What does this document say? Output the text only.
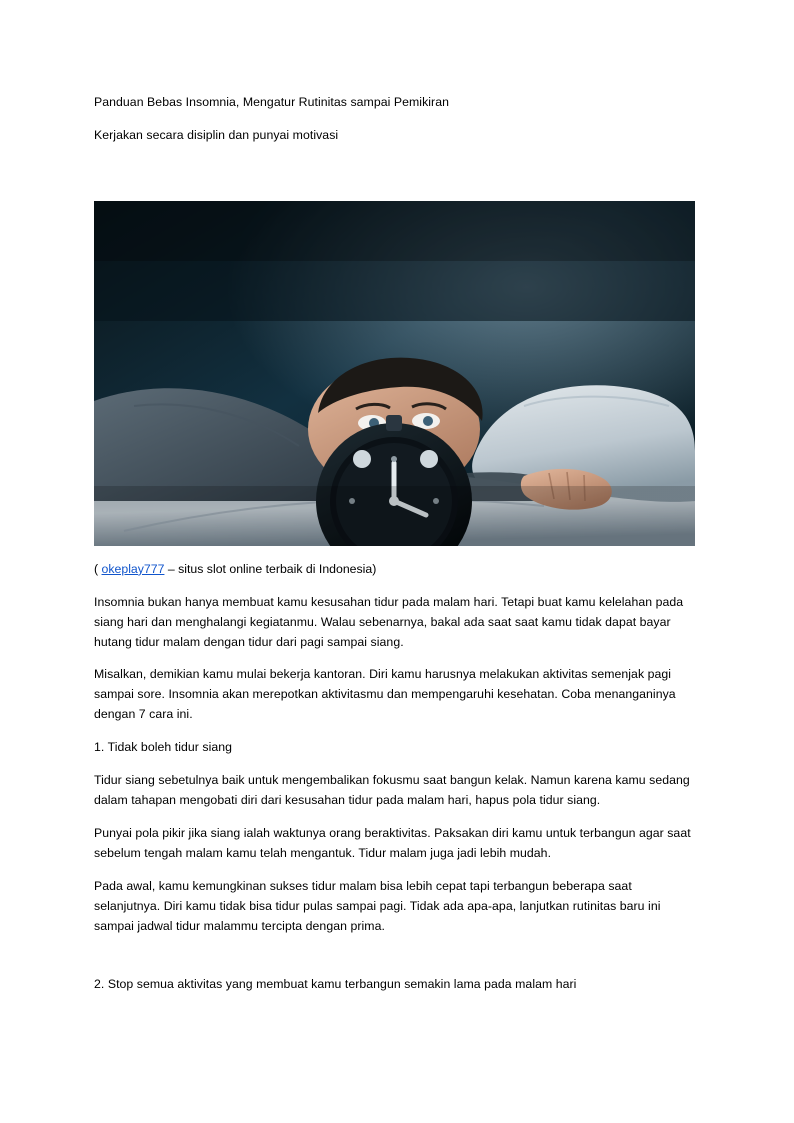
Panduan Bebas Insomnia, Mengatur Rutinitas sampai Pemikiran

Kerjakan secara disiplin dan punyai motivasi

( okeplay777 – situs slot online terbaik di Indonesia)

Insomnia bukan hanya membuat kamu kesusahan tidur pada malam hari. Tetapi buat kamu kelelahan pada siang hari dan menghalangi kegiatanmu. Walau sebenarnya, bakal ada saat saat kamu tidak dapat bayar hutang tidur malam dengan tidur dari pagi sampai siang.

Misalkan, demikian kamu mulai bekerja kantoran. Diri kamu harusnya melakukan aktivitas semenjak pagi sampai sore. Insomnia akan merepotkan aktivitasmu dan mempengaruhi kesehatan. Coba menanganinya dengan 7 cara ini.

1. Tidak boleh tidur siang

Tidur siang sebetulnya baik untuk mengembalikan fokusmu saat bangun kelak. Namun karena kamu sedang dalam tahapan mengobati diri dari kesusahan tidur pada malam hari, hapus pola tidur siang.

Punyai pola pikir jika siang ialah waktunya orang beraktivitas. Paksakan diri kamu untuk terbangun agar saat sebelum tengah malam kamu telah mengantuk. Tidur malam juga jadi lebih mudah.

Pada awal, kamu kemungkinan sukses tidur malam bisa lebih cepat tapi terbangun beberapa saat selanjutnya. Diri kamu tidak bisa tidur pulas sampai pagi. Tidak ada apa-apa, lanjutkan rutinitas baru ini sampai jadwal tidur malammu tercipta dengan prima.

2. Stop semua aktivitas yang membuat kamu terbangun semakin lama pada malam hari
